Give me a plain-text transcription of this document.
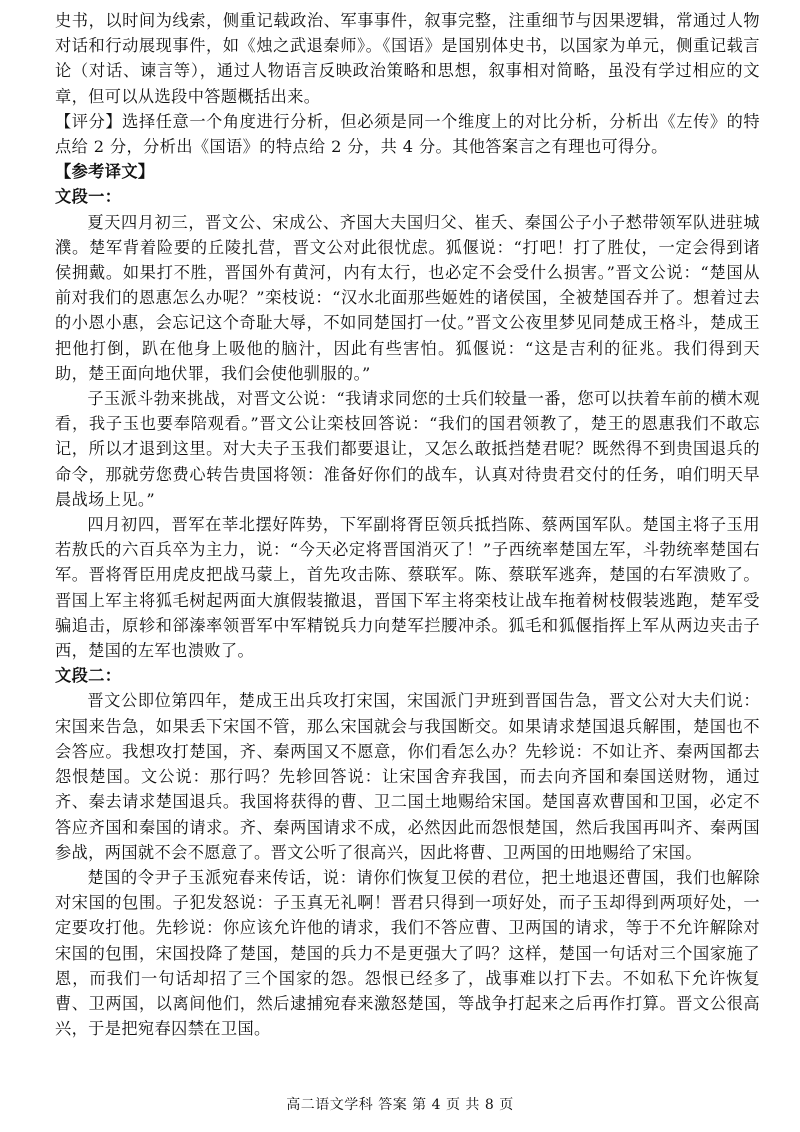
史书，以时间为线索，侧重记载政治、军事事件，叙事完整，注重细节与因果逻辑，常通过人物对话和行动展现事件，如《烛之武退秦师》。《国语》是国别体史书，以国家为单元，侧重记载言论（对话、谏言等），通过人物语言反映政治策略和思想，叙事相对简略，虽没有学过相应的文章，但可以从选段中答题概括出来。

【评分】选择任意一个角度进行分析，但必须是同一个维度上的对比分析，分析出《左传》的特点给 2 分，分析出《国语》的特点给 2 分，共 4 分。其他答案言之有理也可得分。

【参考译文】

文段一：

夏天四月初三，晋文公、宋成公、齐国大夫国归父、崔夭、秦国公子小子慭带领军队进驻城濮。楚军背着险要的丘陵扎营，晋文公对此很忧虑。狐偃说：“打吧！打了胜仗，一定会得到诸侯拥戴。如果打不胜，晋国外有黄河，内有太行，也必定不会受什么损害。”晋文公说：“楚国从前对我们的恩惠怎么办呢？”栾枝说：“汉水北面那些姬姓的诸侯国，全被楚国吞并了。想着过去的小恩小惠，会忘记这个奇耻大辱，不如同楚国打一仗。”晋文公夜里梦见同楚成王格斗，楚成王把他打倒，趴在他身上吸他的脑汁，因此有些害怕。狐偃说：“这是吉利的征兆。我们得到天助，楚王面向地伏罪，我们会使他驯服的。”

子玉派斗勃来挑战，对晋文公说：“我请求同您的士兵们较量一番，您可以扶着车前的横木观看，我子玉也要奉陪观看。”晋文公让栾枝回答说：“我们的国君领教了，楚王的恩惠我们不敢忘记，所以才退到这里。对大夫子玉我们都要退让，又怎么敢抵挡楚君呢？既然得不到贵国退兵的命令，那就劳您费心转告贵国将领：准备好你们的战车，认真对待贵君交付的任务，咱们明天早晨战场上见。”

四月初四，晋军在莘北摆好阵势，下军副将胥臣领兵抵挡陈、蔡两国军队。楚国主将子玉用若敖氏的六百兵卒为主力，说：“今天必定将晋国消灭了！”子西统率楚国左军，斗勃统率楚国右军。晋将胥臣用虎皮把战马蒙上，首先攻击陈、蔡联军。陈、蔡联军逃奔，楚国的右军溃败了。晋国上军主将狐毛树起两面大旗假装撤退，晋国下军主将栾枝让战车拖着树枝假装逃跑，楚军受骗追击，原轸和郤溱率领晋军中军精锐兵力向楚军拦腰冲杀。狐毛和狐偃指挥上军从两边夹击子西，楚国的左军也溃败了。

文段二：

晋文公即位第四年，楚成王出兵攻打宋国，宋国派门尹班到晋国告急，晋文公对大夫们说：宋国来告急，如果丢下宋国不管，那么宋国就会与我国断交。如果请求楚国退兵解围，楚国也不会答应。我想攻打楚国，齐、秦两国又不愿意，你们看怎么办？先轸说：不如让齐、秦两国都去怨恨楚国。文公说：那行吗？先轸回答说：让宋国舍弃我国，而去向齐国和秦国送财物，通过齐、秦去请求楚国退兵。我国将获得的曹、卫二国土地赐给宋国。楚国喜欢曹国和卫国，必定不答应齐国和秦国的请求。齐、秦两国请求不成，必然因此而怨恨楚国，然后我国再叫齐、秦两国参战，两国就不会不愿意了。晋文公听了很高兴，因此将曹、卫两国的田地赐给了宋国。

楚国的令尹子玉派宛春来传话，说：请你们恢复卫侯的君位，把土地退还曹国，我们也解除对宋国的包围。子犯发怒说：子玉真无礼啊！晋君只得到一项好处，而子玉却得到两项好处，一定要攻打他。先轸说：你应该允许他的请求，我们不答应曹、卫两国的请求，等于不允许解除对宋国的包围，宋国投降了楚国，楚国的兵力不是更强大了吗？这样，楚国一句话对三个国家施了恩，而我们一句话却招了三个国家的怨。怨恨已经多了，战事难以打下去。不如私下允许恢复曹、卫两国，以离间他们，然后逮捕宛春来激怒楚国，等战争打起来之后再作打算。晋文公很高兴，于是把宛春囚禁在卫国。

高二语文学科 答案 第 4 页 共 8 页
